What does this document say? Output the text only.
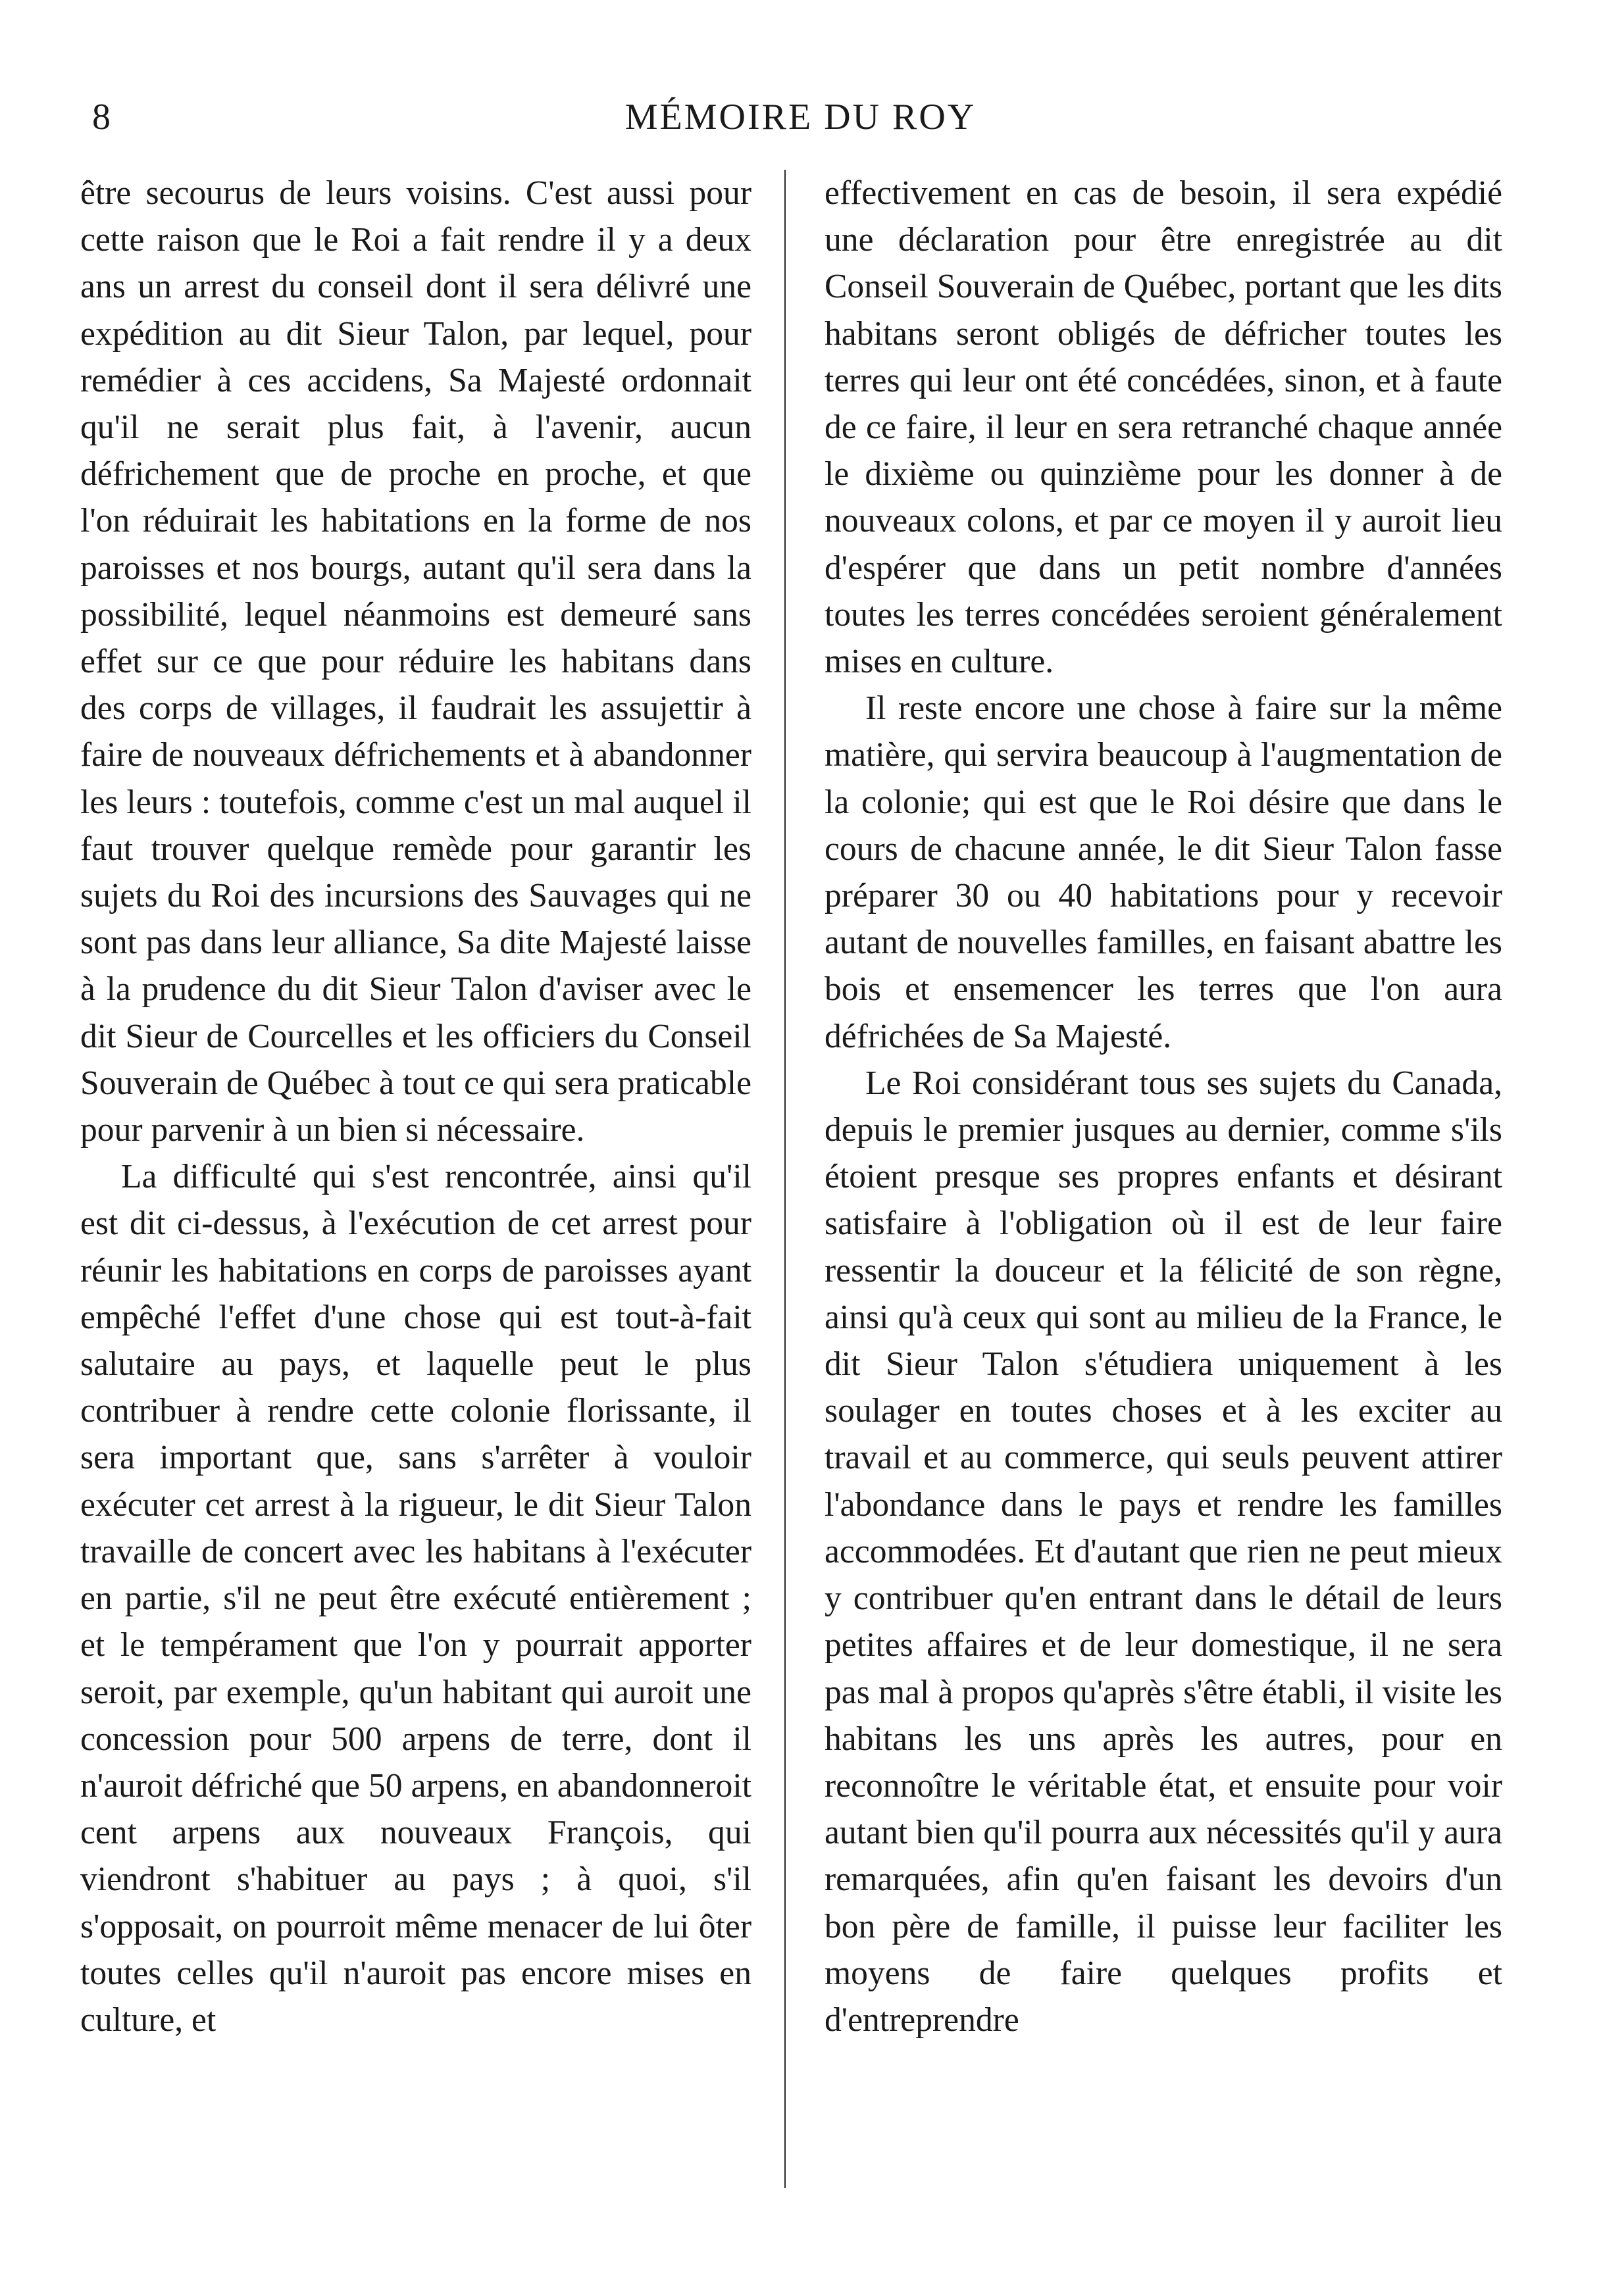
8	MÉMOIRE DU ROY

être secourus de leurs voisins. C'est aussi pour cette raison que le Roi a fait rendre il y a deux ans un arrest du conseil dont il sera délivré une expédition au dit Sieur Talon, par lequel, pour remédier à ces accidens, Sa Majesté ordonnait qu'il ne serait plus fait, à l'avenir, aucun défrichement que de proche en proche, et que l'on réduirait les habitations en la forme de nos paroisses et nos bourgs, autant qu'il sera dans la possibilité, lequel néanmoins est demeuré sans effet sur ce que pour réduire les habitans dans des corps de villages, il faudrait les assujettir à faire de nouveaux défrichements et à abandonner les leurs : toutefois, comme c'est un mal auquel il faut trouver quelque remède pour garantir les sujets du Roi des incursions des Sauvages qui ne sont pas dans leur alliance, Sa dite Majesté laisse à la prudence du dit Sieur Talon d'aviser avec le dit Sieur de Courcelles et les officiers du Conseil Souverain de Québec à tout ce qui sera praticable pour parvenir à un bien si nécessaire.

La difficulté qui s'est rencontrée, ainsi qu'il est dit ci-dessus, à l'exécution de cet arrest pour réunir les habitations en corps de paroisses ayant empêché l'effet d'une chose qui est tout-à-fait salutaire au pays, et laquelle peut le plus contribuer à rendre cette colonie florissante, il sera important que, sans s'arrêter à vouloir exécuter cet arrest à la rigueur, le dit Sieur Talon travaille de concert avec les habitans à l'exécuter en partie, s'il ne peut être exécuté entièrement ; et le tempérament que l'on y pourrait apporter seroit, par exemple, qu'un habitant qui auroit une concession pour 500 arpens de terre, dont il n'auroit défriché que 50 arpens, en abandonneroit cent arpens aux nouveaux François, qui viendront s'habituer au pays ; à quoi, s'il s'opposait, on pourroit même menacer de lui ôter toutes celles qu'il n'auroit pas encore mises en culture, et

effectivement en cas de besoin, il sera expédié une déclaration pour être enregistrée au dit Conseil Souverain de Québec, portant que les dits habitans seront obligés de défricher toutes les terres qui leur ont été concédées, sinon, et à faute de ce faire, il leur en sera retranché chaque année le dixième ou quinzième pour les donner à de nouveaux colons, et par ce moyen il y auroit lieu d'espérer que dans un petit nombre d'années toutes les terres concédées seroient généralement mises en culture.

Il reste encore une chose à faire sur la même matière, qui servira beaucoup à l'augmentation de la colonie; qui est que le Roi désire que dans le cours de chacune année, le dit Sieur Talon fasse préparer 30 ou 40 habitations pour y recevoir autant de nouvelles familles, en faisant abattre les bois et ensemencer les terres que l'on aura défrichées de Sa Majesté.

Le Roi considérant tous ses sujets du Canada, depuis le premier jusques au dernier, comme s'ils étoient presque ses propres enfants et désirant satisfaire à l'obligation où il est de leur faire ressentir la douceur et la félicité de son règne, ainsi qu'à ceux qui sont au milieu de la France, le dit Sieur Talon s'étudiera uniquement à les soulager en toutes choses et à les exciter au travail et au commerce, qui seuls peuvent attirer l'abondance dans le pays et rendre les familles accommodées. Et d'autant que rien ne peut mieux y contribuer qu'en entrant dans le détail de leurs petites affaires et de leur domestique, il ne sera pas mal à propos qu'après s'être établi, il visite les habitans les uns après les autres, pour en reconnoître le véritable état, et ensuite pour voir autant bien qu'il pourra aux nécessités qu'il y aura remarquées, afin qu'en faisant les devoirs d'un bon père de famille, il puisse leur faciliter les moyens de faire quelques profits et d'entreprendre
